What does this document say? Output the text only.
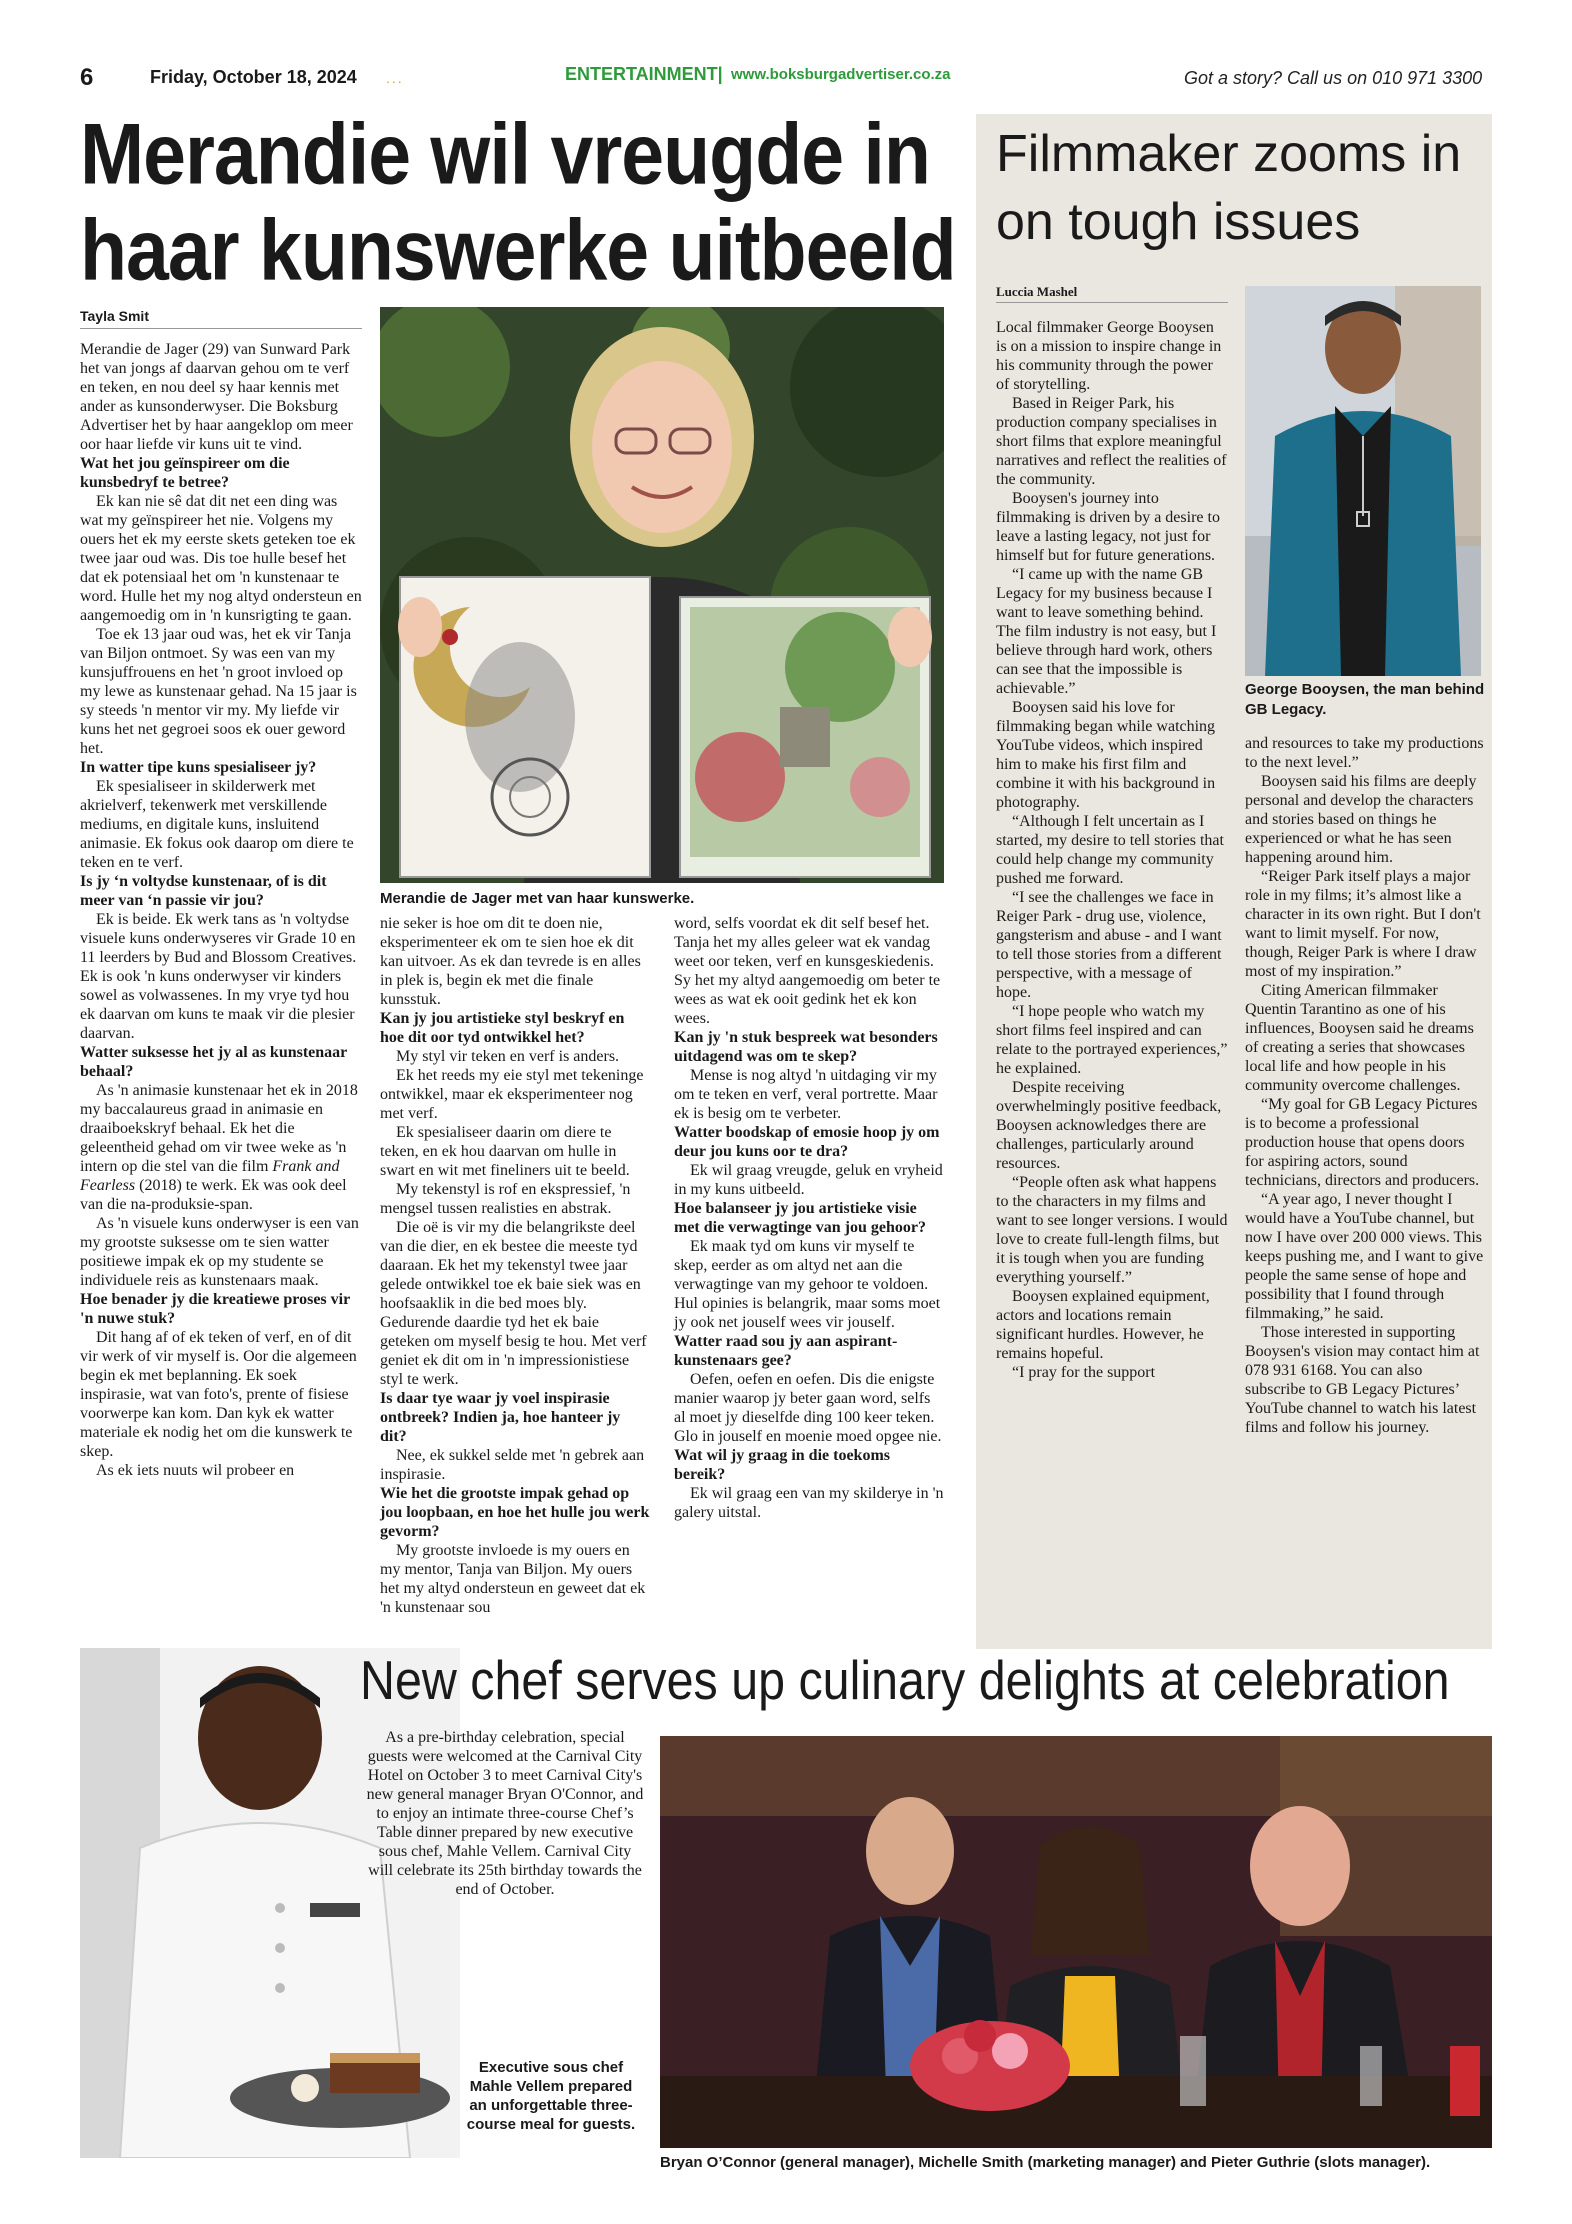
6	Friday, October 18, 2024 ...	ENTERTAINMENT| www.boksburgadvertiser.co.za	Got a story? Call us on 010 971 3300
Merandie wil vreugde in haar kunswerke uitbeeld
Tayla Smit

Merandie de Jager (29) van Sunward Park het van jongs af daarvan gehou om te verf en teken, en nou deel sy haar kennis met ander as kunsonderwyser. Die Boksburg Advertiser het by haar aangeklop om meer oor haar liefde vir kuns uit te vind.

Wat het jou geïnspireer om die kunsbedryf te betree?

Ek kan nie sê dat dit net een ding was wat my geïnspireer het nie. Volgens my ouers het ek my eerste skets geteken toe ek twee jaar oud was. Dis toe hulle besef het dat ek potensiaal het om 'n kunstenaar te word. Hulle het my nog altyd ondersteun en aangemoedig om in 'n kunsrigting te gaan.

Toe ek 13 jaar oud was, het ek vir Tanja van Biljon ontmoet. Sy was een van my kunsjuffrouens en het 'n groot invloed op my lewe as kunstenaar gehad. Na 15 jaar is sy steeds 'n mentor vir my. My liefde vir kuns het net gegroei soos ek ouer geword het.

In watter tipe kuns spesialiseer jy?

Ek spesialiseer in skilderwerk met akrielverf, tekenwerk met verskillende mediums, en digitale kuns, insluitend animasie. Ek fokus ook daarop om diere te teken en te verf.

Is jy ‘n voltydse kunstenaar, of is dit meer van ‘n passie vir jou?

Ek is beide. Ek werk tans as 'n voltydse visuele kuns onderwyseres vir Grade 10 en 11 leerders by Bud and Blossom Creatives. Ek is ook 'n kuns onderwyser vir kinders sowel as volwassenes. In my vrye tyd hou ek daarvan om kuns te maak vir die plesier daarvan.

Watter suksesse het jy al as kunstenaar behaal?

As 'n animasie kunstenaar het ek in 2018 my baccalaureus graad in animasie en draaiboekskryf behaal. Ek het die geleentheid gehad om vir twee weke as 'n intern op die stel van die film Frank and Fearless (2018) te werk. Ek was ook deel van die na-produksie-span.

As 'n visuele kuns onderwyser is een van my grootste suksesse om te sien watter positiewe impak ek op my studente se individuele reis as kunstenaars maak.

Hoe benader jy die kreatiewe proses vir 'n nuwe stuk?

Dit hang af of ek teken of verf, en of dit vir werk of vir myself is. Oor die algemeen begin ek met beplanning. Ek soek inspirasie, wat van foto's, prente of fisiese voorwerpe kan kom. Dan kyk ek watter materiale ek nodig het om die kunswerk te skep.

As ek iets nuuts wil probeer en

Merandie de Jager met van haar kunswerke.

nie seker is hoe om dit te doen nie, eksperimenteer ek om te sien hoe ek dit kan uitvoer. As ek dan tevrede is en alles in plek is, begin ek met die finale kunsstuk.

Kan jy jou artistieke styl beskryf en hoe dit oor tyd ontwikkel het?

My styl vir teken en verf is anders.

Ek het reeds my eie styl met tekeninge ontwikkel, maar ek eksperimenteer nog met verf.

Ek spesialiseer daarin om diere te teken, en ek hou daarvan om hulle in swart en wit met fineliners uit te beeld.

My tekenstyl is rof en ekspressief, 'n mengsel tussen realisties en abstrak.

Die oë is vir my die belangrikste deel van die dier, en ek bestee die meeste tyd daaraan. Ek het my tekenstyl twee jaar gelede ontwikkel toe ek baie siek was en hoofsaaklik in die bed moes bly. Gedurende daardie tyd het ek baie geteken om myself besig te hou. Met verf geniet ek dit om in 'n impressionistiese styl te werk.

Is daar tye waar jy voel inspirasie ontbreek? Indien ja, hoe hanteer jy dit?

Nee, ek sukkel selde met 'n gebrek aan inspirasie.

Wie het die grootste impak gehad op jou loopbaan, en hoe het hulle jou werk gevorm?

My grootste invloede is my ouers en my mentor, Tanja van Biljon. My ouers het my altyd ondersteun en geweet dat ek 'n kunstenaar sou

word, selfs voordat ek dit self besef het. Tanja het my alles geleer wat ek vandag weet oor teken, verf en kunsgeskiedenis. Sy het my altyd aangemoedig om beter te wees as wat ek ooit gedink het ek kon wees.

Kan jy 'n stuk bespreek wat besonders uitdagend was om te skep?

Mense is nog altyd 'n uitdaging vir my om te teken en verf, veral portrette. Maar ek is besig om te verbeter.

Watter boodskap of emosie hoop jy om deur jou kuns oor te dra?

Ek wil graag vreugde, geluk en vryheid in my kuns uitbeeld.

Hoe balanseer jy jou artistieke visie met die verwagtinge van jou gehoor?

Ek maak tyd om kuns vir myself te skep, eerder as om altyd net aan die verwagtinge van my gehoor te voldoen. Hul opinies is belangrik, maar soms moet jy ook net jouself wees vir jouself.

Watter raad sou jy aan aspirant-kunstenaars gee?

Oefen, oefen en oefen. Dis die enigste manier waarop jy beter gaan word, selfs al moet jy dieselfde ding 100 keer teken. Glo in jouself en moenie moed opgee nie.

Wat wil jy graag in die toekoms bereik?

Ek wil graag een van my skilderye in 'n galery uitstal.

Filmmaker zooms in on tough issues
Luccia Mashel

Local filmmaker George Booysen is on a mission to inspire change in his community through the power of storytelling.

Based in Reiger Park, his production company specialises in short films that explore meaningful narratives and reflect the realities of the community.

Booysen's journey into filmmaking is driven by a desire to leave a lasting legacy, not just for himself but for future generations.

“I came up with the name GB Legacy for my business because I want to leave something behind. The film industry is not easy, but I believe through hard work, others can see that the impossible is achievable.”

Booysen said his love for filmmaking began while watching YouTube videos, which inspired him to make his first film and combine it with his background in photography.

“Although I felt uncertain as I started, my desire to tell stories that could help change my community pushed me forward.

“I see the challenges we face in Reiger Park - drug use, violence, gangsterism and abuse - and I want to tell those stories from a different perspective, with a message of hope.

“I hope people who watch my short films feel inspired and can relate to the portrayed experiences,” he explained.

Despite receiving overwhelmingly positive feedback, Booysen acknowledges there are challenges, particularly around resources.

“People often ask what happens to the characters in my films and want to see longer versions. I would love to create full-length films, but it is tough when you are funding everything yourself.”

Booysen explained equipment, actors and locations remain significant hurdles. However, he remains hopeful.

“I pray for the support

George Booysen, the man behind GB Legacy.

and resources to take my productions to the next level.”

Booysen said his films are deeply personal and develop the characters and stories based on things he experienced or what he has seen happening around him.

“Reiger Park itself plays a major role in my films; it’s almost like a character in its own right. But I don't want to limit myself. For now, though, Reiger Park is where I draw most of my inspiration.”

Citing American filmmaker Quentin Tarantino as one of his influences, Booysen said he dreams of creating a series that showcases local life and how people in his community overcome challenges.

“My goal for GB Legacy Pictures is to become a professional production house that opens doors for aspiring actors, sound technicians, directors and producers.

“A year ago, I never thought I would have a YouTube channel, but now I have over 200 000 views. This keeps pushing me, and I want to give people the same sense of hope and possibility that I found through filmmaking,” he said.

Those interested in supporting Booysen's vision may contact him at 078 931 6168. You can also subscribe to GB Legacy Pictures’ YouTube channel to watch his latest films and follow his journey.

New chef serves up culinary delights at celebration
As a pre-birthday celebration, special guests were welcomed at the Carnival City Hotel on October 3 to meet Carnival City's new general manager Bryan O'Connor, and to enjoy an intimate three-course Chef’s Table dinner prepared by new executive sous chef, Mahle Vellem. Carnival City will celebrate its 25th birthday towards the end of October.
Executive sous chef Mahle Vellem prepared an unforgettable three-course meal for guests.
Bryan O’Connor (general manager), Michelle Smith (marketing manager) and Pieter Guthrie (slots manager).
